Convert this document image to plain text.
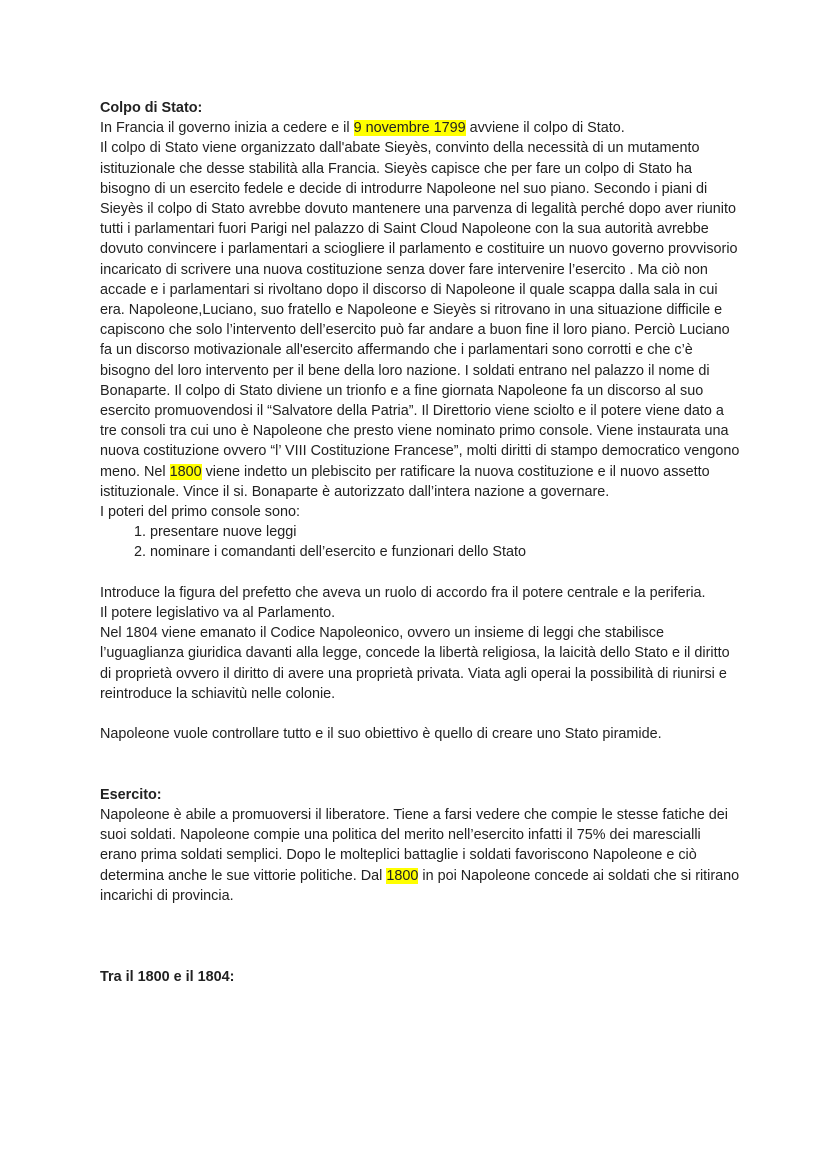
Colpo di Stato:

In Francia il governo inizia a cedere e il 9 novembre 1799 avviene il colpo di Stato.

Il colpo di Stato viene organizzato dall'abate Sieyès, convinto della necessità di un mutamento istituzionale che desse stabilità alla Francia. Sieyès capisce che per fare un colpo di Stato ha bisogno di un esercito fedele e decide di introdurre Napoleone nel suo piano. Secondo i piani di Sieyès il colpo di Stato avrebbe dovuto mantenere una parvenza di legalità perché dopo aver riunito tutti i parlamentari fuori Parigi nel palazzo di Saint Cloud Napoleone con la sua autorità avrebbe dovuto convincere i parlamentari a sciogliere il parlamento e costituire un nuovo governo provvisorio incaricato di scrivere una nuova costituzione senza dover fare intervenire l’esercito . Ma ciò non accade e i parlamentari si rivoltano dopo il discorso di Napoleone il quale scappa dalla sala in cui era. Napoleone,Luciano, suo fratello e Napoleone e Sieyès si ritrovano in una situazione difficile e capiscono che solo l’intervento dell’esercito può far andare a buon fine il loro piano. Perciò Luciano fa un discorso motivazionale all'esercito affermando che i parlamentari sono corrotti e che c’è bisogno del loro intervento per il bene della loro nazione. I soldati entrano nel palazzo il nome di Bonaparte. Il colpo di Stato diviene un trionfo e a fine giornata Napoleone fa un discorso al suo esercito promuovendosi il “Salvatore della Patria”. Il Direttorio viene sciolto e il potere viene dato a tre consoli tra cui uno è Napoleone che presto viene nominato primo console. Viene instaurata una nuova costituzione ovvero “l’ VIII Costituzione Francese”, molti diritti di stampo democratico vengono meno. Nel 1800 viene indetto un plebiscito per ratificare la nuova costituzione e il nuovo assetto istituzionale. Vince il si. Bonaparte è autorizzato dall’intera nazione a governare.

I poteri del primo console sono:

1. presentare nuove leggi
2. nominare i comandanti dell’esercito e funzionari dello Stato

Introduce la figura del prefetto che aveva un ruolo di accordo fra il potere centrale e la periferia.

Il potere legislativo va al Parlamento.

Nel 1804 viene emanato il Codice Napoleonico, ovvero un insieme di leggi che stabilisce l’uguaglianza giuridica davanti alla legge, concede la libertà religiosa, la laicità dello Stato e il diritto di proprietà ovvero il diritto di avere una proprietà privata. Viata agli operai la possibilità di riunirsi e reintroduce la schiavitù nelle colonie.

Napoleone vuole controllare tutto e il suo obiettivo è quello di creare uno Stato piramide.

Esercito:

Napoleone è abile a promuoversi il liberatore. Tiene a farsi vedere che compie le stesse fatiche dei suoi soldati. Napoleone compie una politica del merito nell’esercito infatti il 75% dei marescialli erano prima soldati semplici. Dopo le molteplici battaglie i soldati favoriscono Napoleone e ciò determina anche le sue vittorie politiche. Dal 1800 in poi Napoleone concede ai soldati che si ritirano incarichi di provincia.

Tra il 1800 e il 1804:
